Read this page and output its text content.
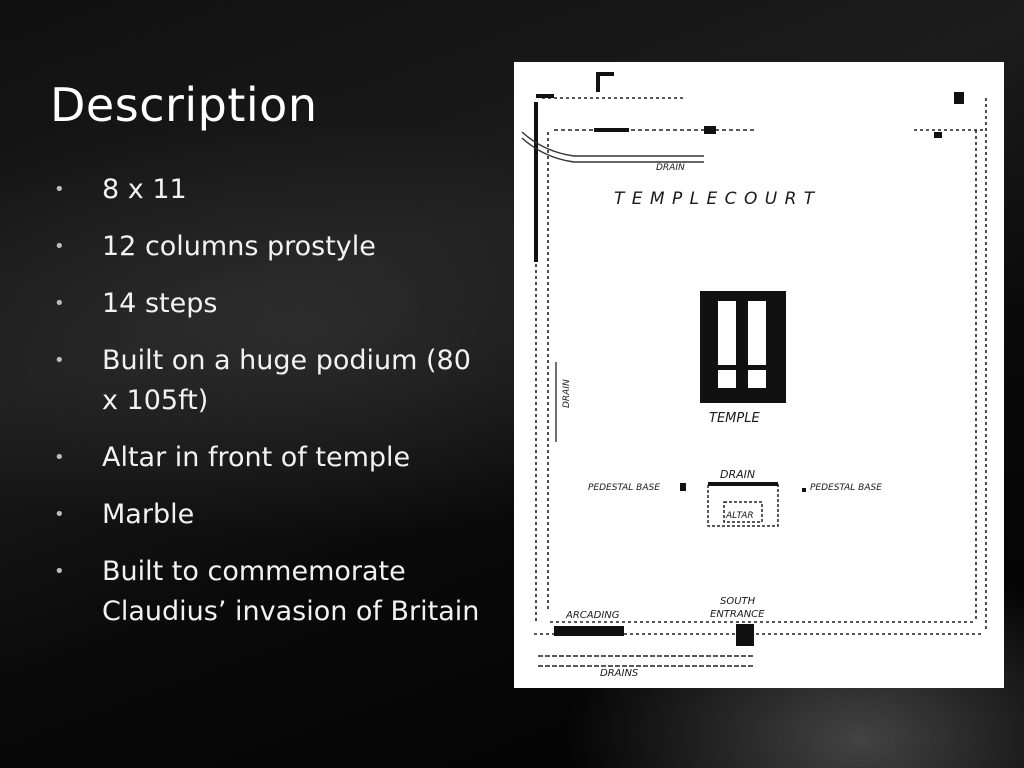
Description
• 8 x 11
• 12 columns prostyle
• 14 steps
• Built on a huge podium (80 x 105ft)
• Altar in front of temple
• Marble
• Built to commemorate Claudius’ invasion of Britain
T E M P L E C O U R T
DRAIN
DRAIN
TEMPLE
DRAIN
PEDESTAL BASE	PEDESTAL BASE
ALTAR
SOUTH
ENTRANCE
ARCADING
DRAINS
